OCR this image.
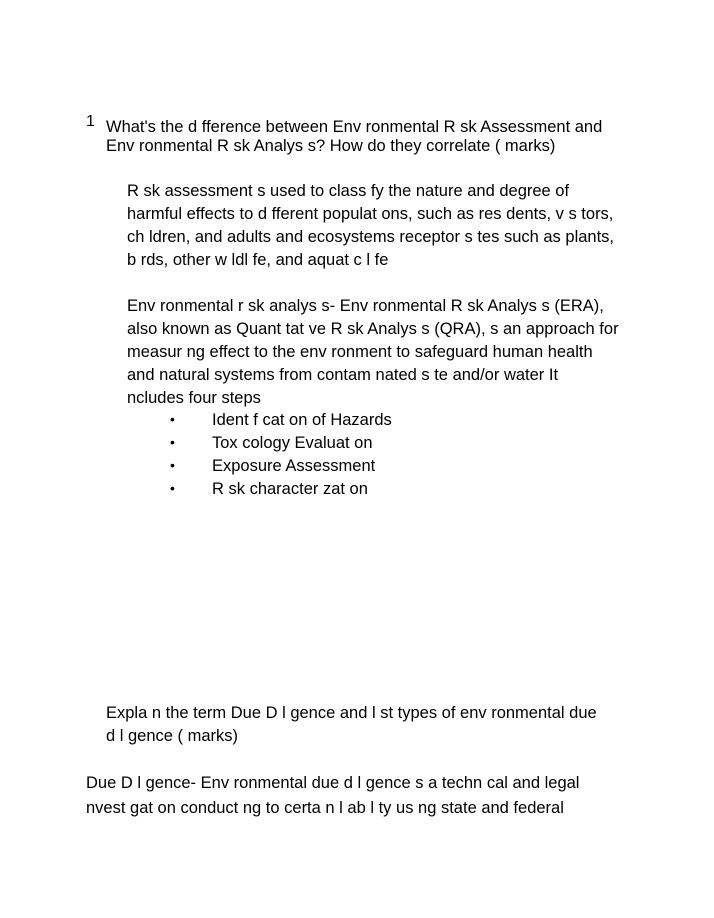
1 What's the d fference between Env ronmental R sk Assessment and
Env ronmental R sk Analys s? How do they correlate ( marks)
R sk assessment s used to class fy the nature and degree of
harmful effects to d fferent populat ons, such as res dents, v s tors,
ch ldren, and adults and ecosystems receptor s tes such as plants,
b rds, other w ldl fe, and aquat c l fe
Env ronmental r sk analys s- Env ronmental R sk Analys s (ERA),
also known as Quant tat ve R sk Analys s (QRA), s an approach for
measur ng effect to the env ronment to safeguard human health
and natural systems from contam nated s te and/or water It
ncludes four steps
• Ident f cat on of Hazards
• Tox cology Evaluat on
• Exposure Assessment
• R sk character zat on
Expla n the term Due D l gence and l st types of env ronmental due
d l gence ( marks)
Due D l gence- Env ronmental due d l gence s a techn cal and legal
nvest gat on conduct ng to certa n l ab l ty us ng state and federal
